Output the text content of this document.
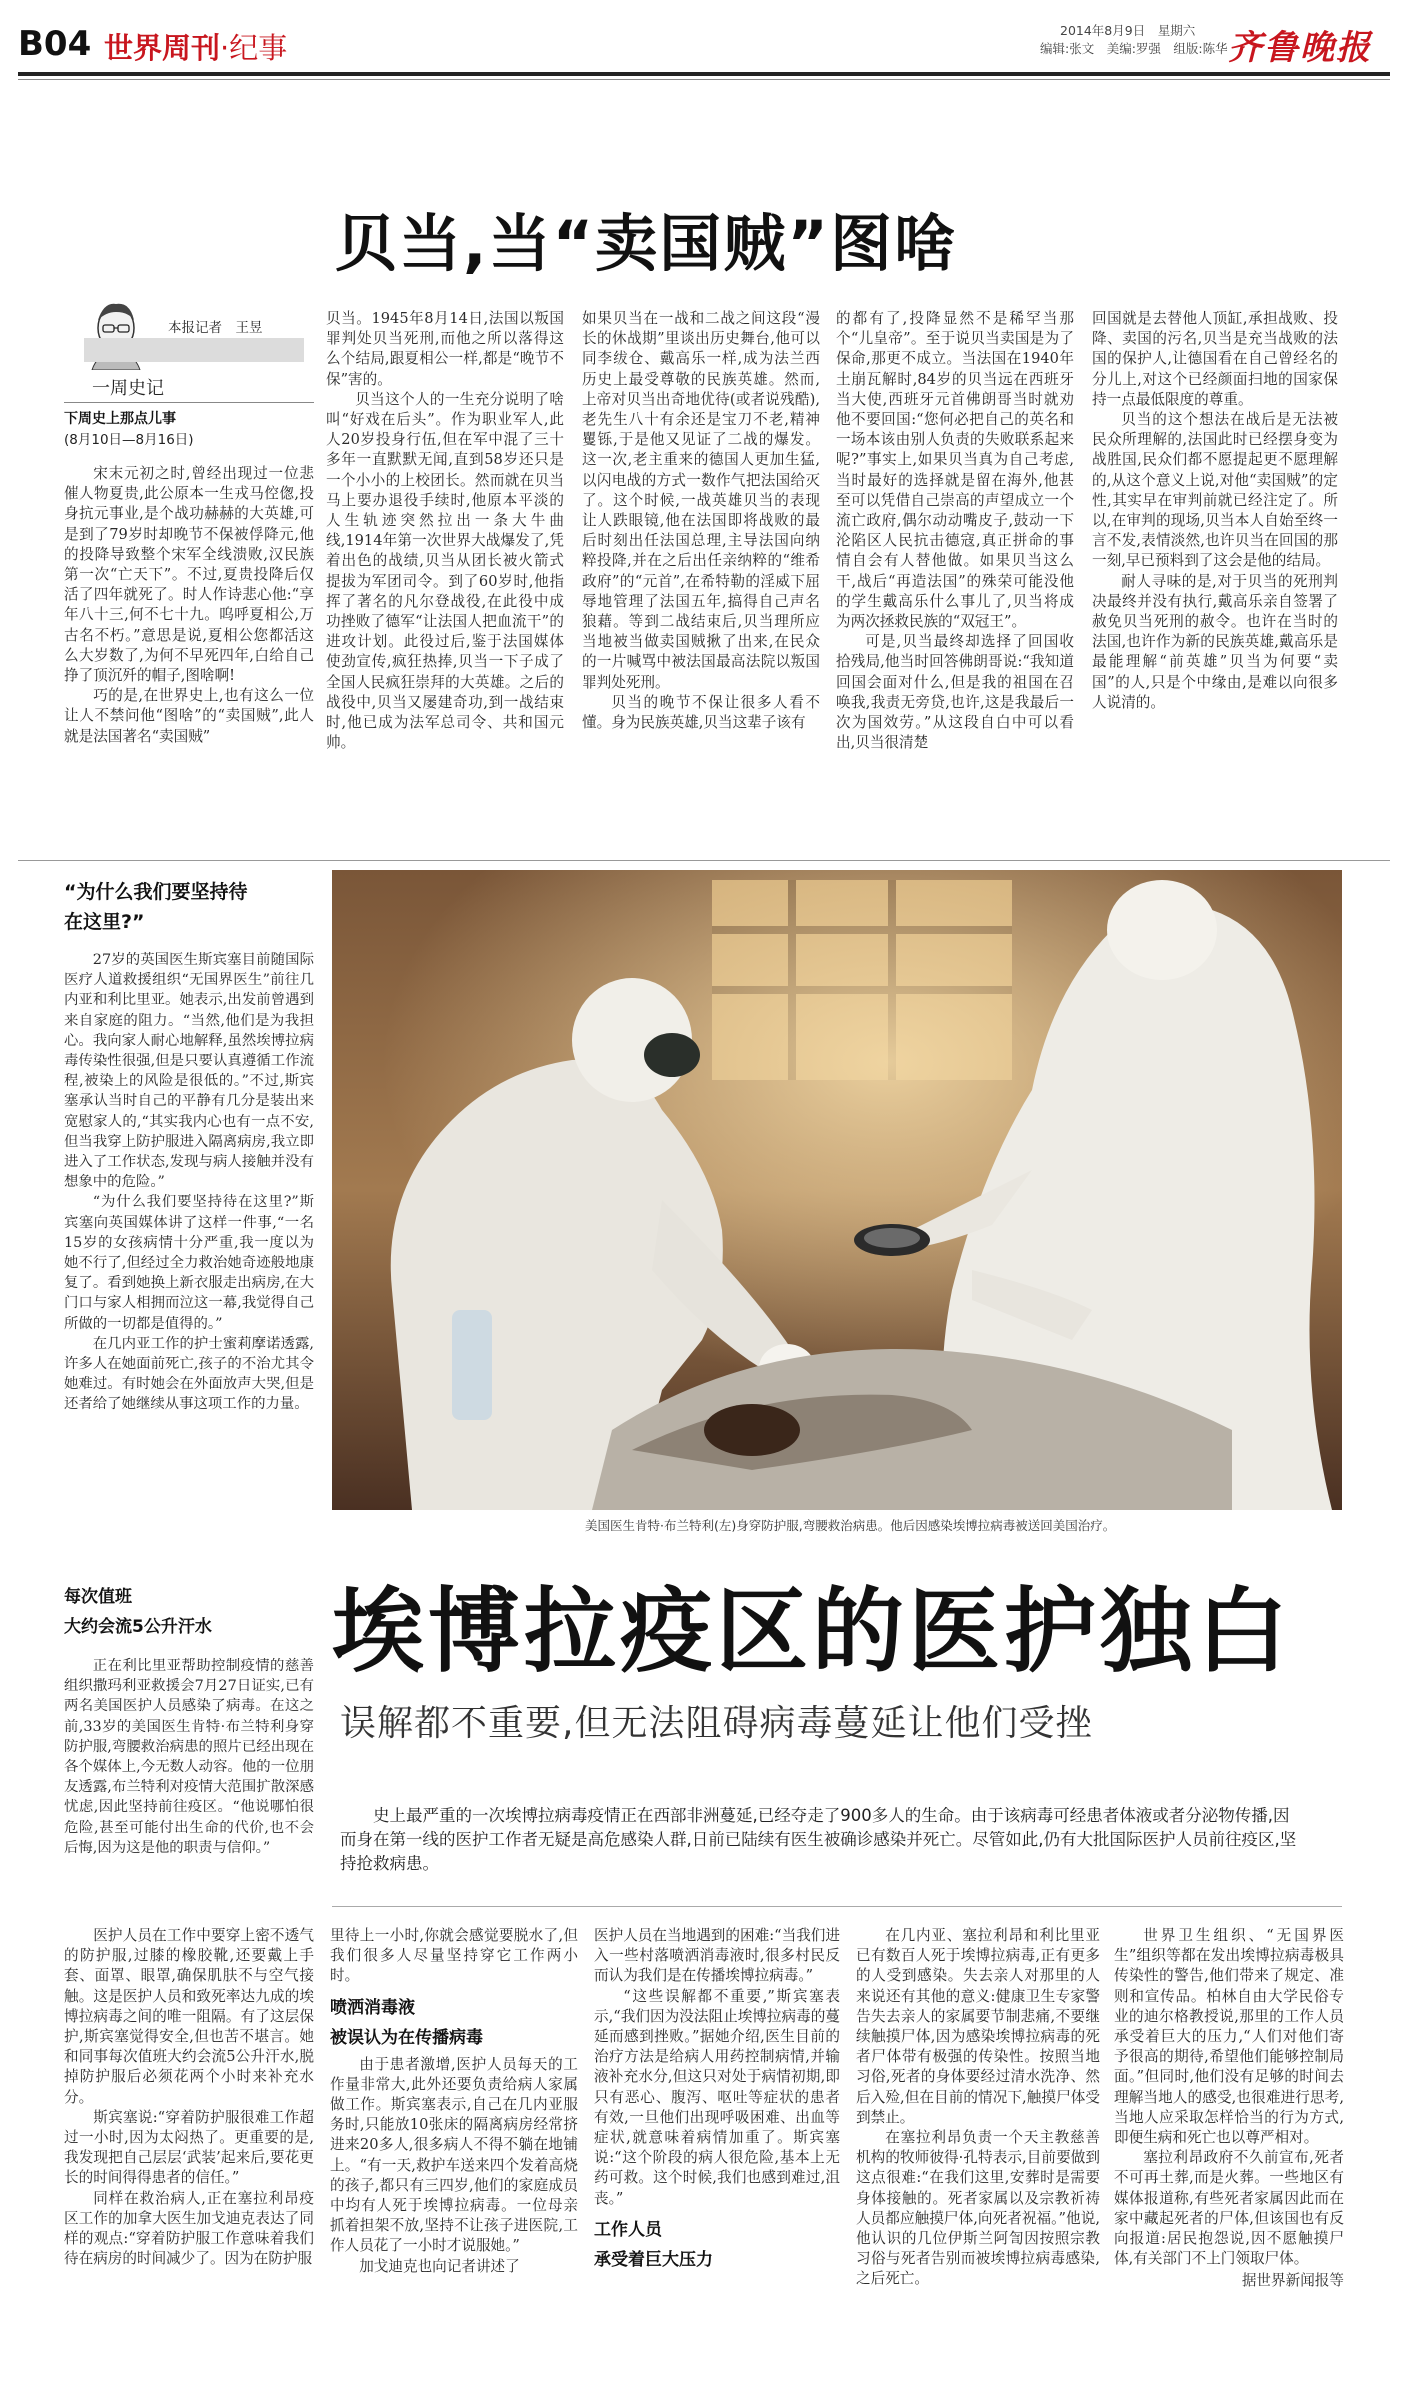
B04 世界周刊·纪事
2014年8月9日　星期六
编辑:张文　美编:罗强　组版:陈华 齐鲁晚报
贝当,当“卖国贼”图啥
本报记者　王昱
一周史记
下周史上那点儿事
(8月10日—8月16日)

宋末元初之时,曾经出现过一位悲催人物夏贵,此公原本一生戎马倥偬,投身抗元事业,是个战功赫赫的大英雄,可是到了79岁时却晚节不保被俘降元,他的投降导致整个宋军全线溃败,汉民族第一次“亡天下”。不过,夏贵投降后仅活了四年就死了。时人作诗悲心他:“享年八十三,何不七十九。呜呼夏相公,万古名不朽。”意思是说,夏相公您都活这么大岁数了,为何不早死四年,白给自己挣了顶沉歼的帽子,图啥啊!

巧的是,在世界史上,也有这么一位让人不禁问他“图啥”的“卖国贼”,此人就是法国著名“卖国贼”

贝当。1945年8月14日,法国以叛国罪判处贝当死刑,而他之所以落得这么个结局,跟夏相公一样,都是“晚节不保”害的。

贝当这个人的一生充分说明了啥叫“好戏在后头”。作为职业军人,此人20岁投身行伍,但在军中混了三十多年一直默默无闻,直到58岁还只是一个小小的上校团长。然而就在贝当马上要办退役手续时,他原本平淡的人生轨迹突然拉出一条大牛曲线,1914年第一次世界大战爆发了,凭着出色的战绩,贝当从团长被火箭式提拔为军团司令。到了60岁时,他指挥了著名的凡尔登战役,在此役中成功挫败了德军“让法国人把血流干”的进攻计划。此役过后,鉴于法国媒体使劲宣传,疯狂热捧,贝当一下子成了全国人民疯狂崇拜的大英雄。之后的战役中,贝当又屡建奇功,到一战结束时,他已成为法军总司令、共和国元帅。

如果贝当在一战和二战之间这段“漫长的休战期”里谈出历史舞台,他可以同李绂仓、戴高乐一样,成为法兰西历史上最受尊敬的民族英雄。然而,上帝对贝当出奇地优待(或者说残酷),老先生八十有余还是宝刀不老,精神矍铄,于是他又见证了二战的爆发。这一次,老主重来的德国人更加生猛,以闪电战的方式一数作气把法国给灭了。这个时候,一战英雄贝当的表现让人跌眼镜,他在法国即将战败的最后时刻出任法国总理,主导法国向纳粹投降,并在之后出任亲纳粹的“维希政府”的“元首”,在希特勒的淫威下屈辱地管理了法国五年,搞得自己声名狼藉。等到二战结束后,贝当理所应当地被当做卖国贼揪了出来,在民众的一片喊骂中被法国最高法院以叛国罪判处死刑。

贝当的晚节不保让很多人看不懂。身为民族英雄,贝当这辈子该有

的都有了,投降显然不是稀罕当那个“儿皇帝”。至于说贝当卖国是为了保命,那更不成立。当法国在1940年土崩瓦解时,84岁的贝当远在西班牙当大使,西班牙元首佛朗哥当时就劝他不要回国:“您何必把自己的英名和一场本该由别人负责的失败联系起来呢?”事实上,如果贝当真为自己考虑,当时最好的选择就是留在海外,他甚至可以凭借自己崇高的声望成立一个流亡政府,偶尔动动嘴皮子,鼓动一下沦陷区人民抗击德寇,真正拼命的事情自会有人替他做。如果贝当这么干,战后“再造法国”的殊荣可能没他的学生戴高乐什么事儿了,贝当将成为两次拯救民族的“双冠王”。

可是,贝当最终却选择了回国收拾残局,他当时回答佛朗哥说:“我知道回国会面对什么,但是我的祖国在召唤我,我责无旁贷,也许,这是我最后一次为国效劳。”从这段自白中可以看出,贝当很清楚

回国就是去替他人顶缸,承担战败、投降、卖国的污名,贝当是充当战败的法国的保护人,让德国看在自己曾经名的分儿上,对这个已经颜面扫地的国家保持一点最低限度的尊重。

贝当的这个想法在战后是无法被民众所理解的,法国此时已经摆身变为战胜国,民众们都不愿提起更不愿理解的,从这个意义上说,对他“卖国贼”的定性,其实早在审判前就已经注定了。所以,在审判的现场,贝当本人自始至终一言不发,表情淡然,也许贝当在回国的那一刻,早已预料到了这会是他的结局。

耐人寻味的是,对于贝当的死刑判决最终并没有执行,戴高乐亲自签署了赦免贝当死刑的赦令。也许在当时的法国,也许作为新的民族英雄,戴高乐是最能理解“前英雄”贝当为何要“卖国”的人,只是个中缘由,是难以向很多人说清的。

美国医生肯特·布兰特利(左)身穿防护服,弯腰救治病患。他后因感染埃博拉病毒被送回美国治疗。
“为什么我们要坚持待在这里?”

27岁的英国医生斯宾塞目前随国际医疗人道救援组织“无国界医生”前往几内亚和利比里亚。她表示,出发前曾遇到来自家庭的阻力。“当然,他们是为我担心。我向家人耐心地解释,虽然埃博拉病毒传染性很强,但是只要认真遵循工作流程,被染上的风险是很低的。”不过,斯宾塞承认当时自己的平静有几分是装出来宽慰家人的,“其实我内心也有一点不安,但当我穿上防护服进入隔离病房,我立即进入了工作状态,发现与病人接触并没有想象中的危险。”

“为什么我们要坚持待在这里?”斯宾塞向英国媒体讲了这样一件事,“一名15岁的女孩病情十分严重,我一度以为她不行了,但经过全力救治她奇迹般地康复了。看到她换上新衣服走出病房,在大门口与家人相拥而泣这一幕,我觉得自己所做的一切都是值得的。”

在几内亚工作的护士蜜莉摩诺透露,许多人在她面前死亡,孩子的不治尤其令她难过。有时她会在外面放声大哭,但是还者给了她继续从事这项工作的力量。

每次值班
大约会流5公升汗水

正在利比里亚帮助控制疫情的慈善组织撒玛利亚救援会7月27日证实,已有两名美国医护人员感染了病毒。在这之前,33岁的美国医生肯特·布兰特利身穿防护服,弯腰救治病患的照片已经出现在各个媒体上,今无数人动容。他的一位朋友透露,布兰特利对疫情大范围扩散深感忧虑,因此坚持前往疫区。“他说哪怕很危险,甚至可能付出生命的代价,也不会后悔,因为这是他的职责与信仰。”

埃博拉疫区的医护独白
误解都不重要,但无法阻碍病毒蔓延让他们受挫
史上最严重的一次埃博拉病毒疫情正在西部非洲蔓延,已经夺走了900多人的生命。由于该病毒可经患者体液或者分泌物传播,因而身在第一线的医护工作者无疑是高危感染人群,日前已陆续有医生被确诊感染并死亡。尽管如此,仍有大批国际医护人员前往疫区,坚持抢救病患。

医护人员在工作中要穿上密不透气的防护服,过膝的橡胶靴,还要戴上手套、面罩、眼罩,确保肌肤不与空气接触。这是医护人员和致死率达九成的埃博拉病毒之间的唯一阻隔。有了这层保护,斯宾塞觉得安全,但也苦不堪言。她和同事每次值班大约会流5公升汗水,脱掉防护服后必须花两个小时来补充水分。

斯宾塞说:“穿着防护服很难工作超过一小时,因为太闷热了。更重要的是,我发现把自己层层‘武装’起来后,要花更长的时间得得患者的信任。”

同样在救治病人,正在塞拉利昂疫区工作的加拿大医生加戈迪克表达了同样的观点:“穿着防护服工作意味着我们待在病房的时间减少了。因为在防护服

里待上一小时,你就会感觉要脱水了,但我们很多人尽量坚持穿它工作两小时。

喷洒消毒液
被误认为在传播病毒

由于患者激增,医护人员每天的工作量非常大,此外还要负责给病人家属做工作。斯宾塞表示,自己在几内亚服务时,只能放10张床的隔离病房经常挤进来20多人,很多病人不得不躺在地铺上。“有一天,救护车送来四个发着高烧的孩子,都只有三四岁,他们的家庭成员中均有人死于埃博拉病毒。一位母亲抓着担架不放,坚持不让孩子进医院,工作人员花了一小时才说服她。”

加戈迪克也向记者讲述了

医护人员在当地遇到的困难:“当我们进入一些村落喷洒消毒液时,很多村民反而认为我们是在传播埃博拉病毒。”

“这些误解都不重要,”斯宾塞表示,“我们因为没法阻止埃博拉病毒的蔓延而感到挫败。”据她介绍,医生目前的治疗方法是给病人用药控制病情,并输液补充水分,但这只对处于病情初期,即只有恶心、腹泻、呕吐等症状的患者有效,一旦他们出现呼吸困难、出血等症状,就意味着病情加重了。斯宾塞说:“这个阶段的病人很危险,基本上无药可救。这个时候,我们也感到难过,沮丧。”

工作人员
承受着巨大压力

在几内亚、塞拉利昂和利比里亚已有数百人死于埃博拉病毒,正有更多的人受到感染。失去亲人对那里的人来说还有其他的意义:健康卫生专家警告失去亲人的家属要节制悲痛,不要继续触摸尸体,因为感染埃博拉病毒的死者尸体带有极强的传染性。按照当地习俗,死者的身体要经过清水洗净、然后入殓,但在目前的情况下,触摸尸体受到禁止。

在塞拉利昂负责一个天主教慈善机构的牧师彼得·孔特表示,目前要做到这点很难:“在我们这里,安葬时是需要身体接触的。死者家属以及宗教祈祷人员都应触摸尸体,向死者祝福。”他说,他认识的几位伊斯兰阿訇因按照宗教习俗与死者告别而被埃博拉病毒感染,之后死亡。

世界卫生组织、“无国界医生”组织等都在发出埃博拉病毒极具传染性的警告,他们带来了规定、准则和宣传品。柏林自由大学民俗专业的迪尔格教授说,那里的工作人员承受着巨大的压力,“人们对他们寄予很高的期待,希望他们能够控制局面。”但同时,他们没有足够的时间去理解当地人的感受,也很难进行思考,当地人应采取怎样恰当的行为方式,即便生病和死亡也以尊严相对。

塞拉利昂政府不久前宣布,死者不可再土葬,而是火葬。一些地区有媒体报道称,有些死者家属因此而在家中藏起死者的尸体,但该国也有反向报道:居民抱怨说,因不愿触摸尸体,有关部门不上门领取尸体。

据世界新闻报等
